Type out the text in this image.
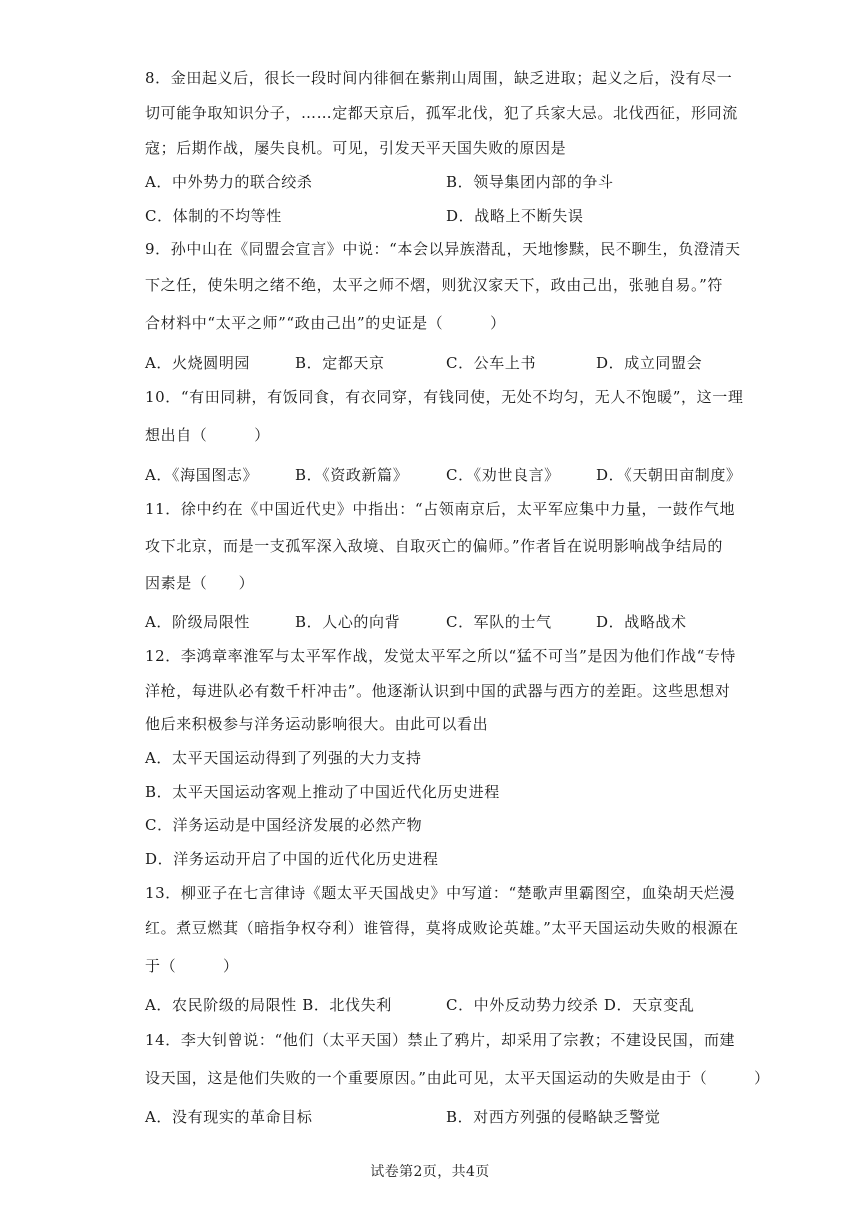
8．金田起义后，很长一段时间内徘徊在紫荆山周围，缺乏进取；起义之后，没有尽一
切可能争取知识分子，……定都天京后，孤军北伐，犯了兵家大忌。北伐西征，形同流
寇；后期作战，屡失良机。可见，引发天平天国失败的原因是
A．中外势力的联合绞杀	B．领导集团内部的争斗
C．体制的不均等性	D．战略上不断失误
9．孙中山在《同盟会宣言》中说：“本会以异族潜乱，天地惨黩，民不聊生，负澄清天
下之任，使朱明之绪不绝，太平之师不熠，则犹汉家天下，政由己出，张驰自易。”符
合材料中“太平之师”“政由己出”的史证是（　　　）
A．火烧圆明园	B．定都天京	C．公车上书	D．成立同盟会
10．“有田同耕，有饭同食，有衣同穿，有钱同使，无处不均匀，无人不饱暖”，这一理
想出自（　　　）
A．《海国图志》 B．《资政新篇》	C．《劝世良言》 D．《天朝田亩制度》
11．徐中约在《中国近代史》中指出：“占领南京后，太平军应集中力量，一鼓作气地
攻下北京，而是一支孤军深入敌境、自取灭亡的偏师。”作者旨在说明影响战争结局的
因素是（　　）
A．阶级局限性	B．人心的向背	C．军队的士气	D．战略战术
12．李鸿章率淮军与太平军作战，发觉太平军之所以“猛不可当”是因为他们作战“专恃
洋枪，每进队必有数千杆冲击”。他逐渐认识到中国的武器与西方的差距。这些思想对
他后来积极参与洋务运动影响很大。由此可以看出
A．太平天国运动得到了列强的大力支持
B．太平天国运动客观上推动了中国近代化历史进程
C．洋务运动是中国经济发展的必然产物
D．洋务运动开启了中国的近代化历史进程
13．柳亚子在七言律诗《题太平天国战史》中写道：“楚歌声里霸图空，血染胡天烂漫
红。煮豆燃萁（暗指争权夺利）谁管得，莫将成败论英雄。”太平天国运动失败的根源在
于（　　　）
A．农民阶级的局限性 B．北伐失利	C．中外反动势力绞杀 D．天京变乱
14．李大钊曾说：“他们（太平天国）禁止了鸦片，却采用了宗教；不建设民国，而建
设天国，这是他们失败的一个重要原因。”由此可见，太平天国运动的失败是由于（　　　）
A．没有现实的革命目标	B．对西方列强的侵略缺乏警觉
试卷第2页，共4页
